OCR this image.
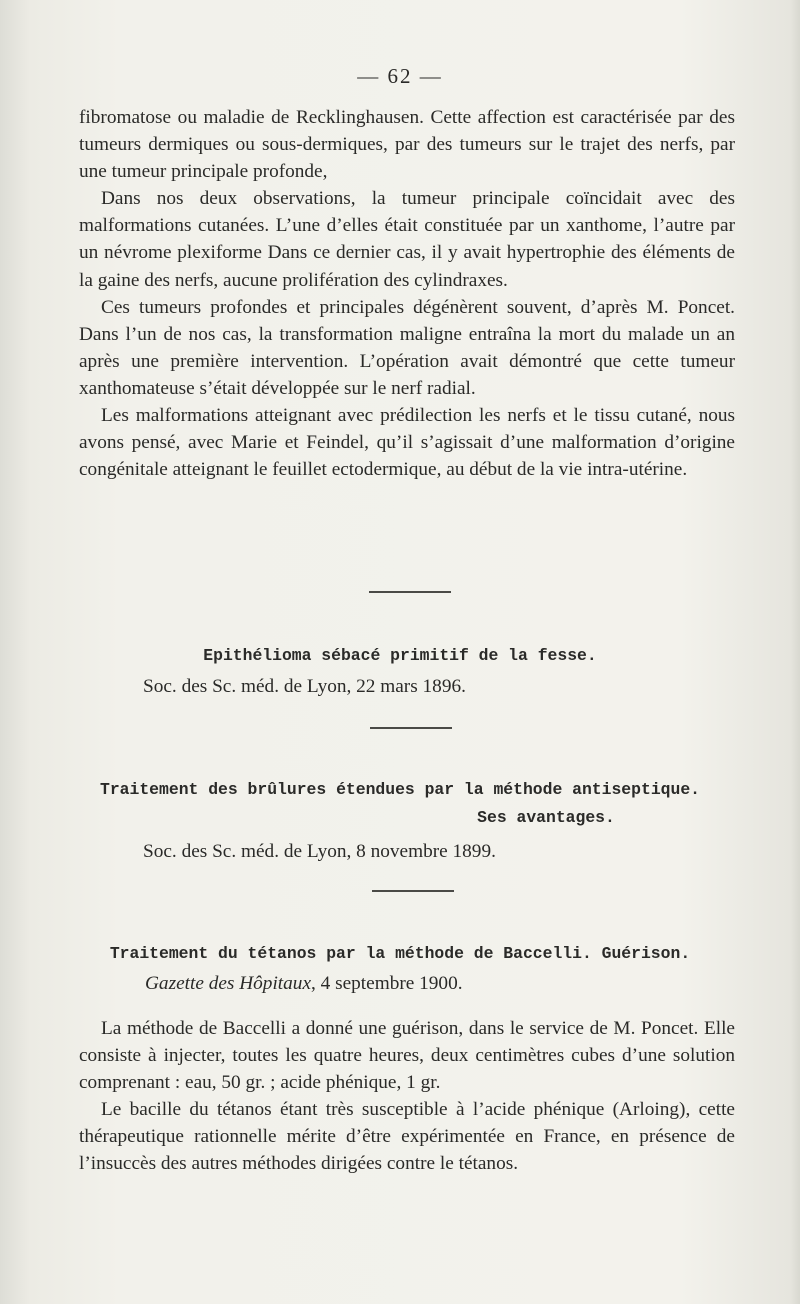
— 62 —

fibromatose ou maladie de Recklinghausen. Cette affection est caractérisée par des tumeurs dermiques ou sous-dermiques, par des tumeurs sur le trajet des nerfs, par une tumeur principale profonde,

Dans nos deux observations, la tumeur principale coïncidait avec des malformations cutanées. L’une d’elles était constituée par un xanthome, l’autre par un névrome plexiforme Dans ce dernier cas, il y avait hypertrophie des éléments de la gaine des nerfs, aucune prolifération des cylindraxes.

Ces tumeurs profondes et principales dégénèrent souvent, d’après M. Poncet. Dans l’un de nos cas, la transformation maligne entraîna la mort du malade un an après une première intervention. L’opération avait démontré que cette tumeur xanthomateuse s’était développée sur le nerf radial.

Les malformations atteignant avec prédilection les nerfs et le tissu cutané, nous avons pensé, avec Marie et Feindel, qu’il s’agissait d’une malformation d’origine congénitale atteignant le feuillet ectodermique, au début de la vie intra-utérine.

Epithélioma sébacé primitif de la fesse.

Soc. des Sc. méd. de Lyon, 22 mars 1896.

Traitement des brûlures étendues par la méthode antiseptique.
Ses avantages.

Soc. des Sc. méd. de Lyon, 8 novembre 1899.

Traitement du tétanos par la méthode de Baccelli. Guérison.

Gazette des Hôpitaux, 4 septembre 1900.

La méthode de Baccelli a donné une guérison, dans le service de M. Poncet. Elle consiste à injecter, toutes les quatre heures, deux centimètres cubes d’une solution comprenant : eau, 50 gr. ; acide phénique, 1 gr.

Le bacille du tétanos étant très susceptible à l’acide phénique (Arloing), cette thérapeutique rationnelle mérite d’être expérimentée en France, en présence de l’insuccès des autres méthodes dirigées contre le tétanos.
